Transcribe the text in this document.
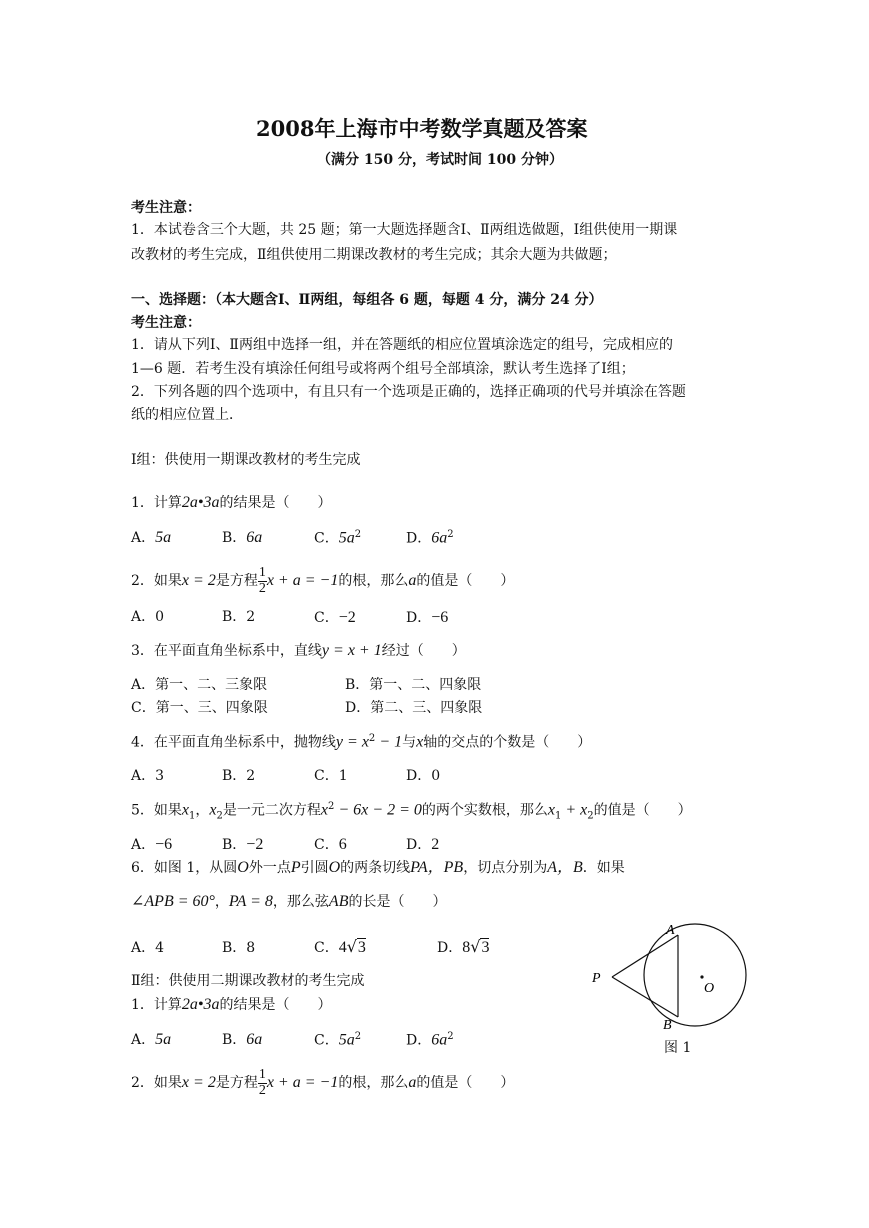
2008年上海市中考数学真题及答案
（满分 150 分，考试时间 100 分钟）
考生注意：
1．本试卷含三个大题，共 25 题；第一大题选择题含Ⅰ、Ⅱ两组选做题，Ⅰ组供使用一期课
改教材的考生完成，Ⅱ组供使用二期课改教材的考生完成；其余大题为共做题；
一、选择题：（本大题含Ⅰ、Ⅱ两组，每组各 6 题，每题 4 分，满分 24 分）
考生注意：
1．请从下列Ⅰ、Ⅱ两组中选择一组，并在答题纸的相应位置填涂选定的组号，完成相应的
1—6 题．若考生没有填涂任何组号或将两个组号全部填涂，默认考生选择了Ⅰ组；
2．下列各题的四个选项中，有且只有一个选项是正确的，选择正确项的代号并填涂在答题
纸的相应位置上．
Ⅰ组：供使用一期课改教材的考生完成
1．计算2a•3a的结果是（　　）
A．5a	B．6a	C．$5a^2$	D．$6a^2$
2．如果x = 2是方程 $\frac{1}{2}$ x + a = −1的根，那么a的值是（　　）
A．0	B．2	C．−2	D．−6
3．在平面直角坐标系中，直线y = x + 1经过（　　）
A．第一、二、三象限	B．第一、二、四象限
C．第一、三、四象限	D．第二、三、四象限
4．在平面直角坐标系中，抛物线$y = x^2 - 1$与x轴的交点的个数是（　　）
A．3	B．2	C．1	D．0
5．如果$x_1$，$x_2$是一元二次方程$x^2 - 6x - 2 = 0$的两个实数根，那么$x_1 + x_2$的值是（　　）
A．−6	B．−2	C．6	D．2
6．如图 1，从圆O外一点P引圆O的两条切线PA，PB，切点分别为A，B．如果
∠APB = 60°，PA = 8，那么弦AB的长是（　　）
A．4	B．8	C．4√3	D．8√3
Ⅱ组：供使用二期课改教材的考生完成
1．计算2a•3a的结果是（　　）
A．5a	B．6a	C．$5a^2$	D．$6a^2$
2．如果x = 2是方程 $\frac{1}{2}$ x + a = −1的根，那么a的值是（　　）
A
B
P
O
图 1
